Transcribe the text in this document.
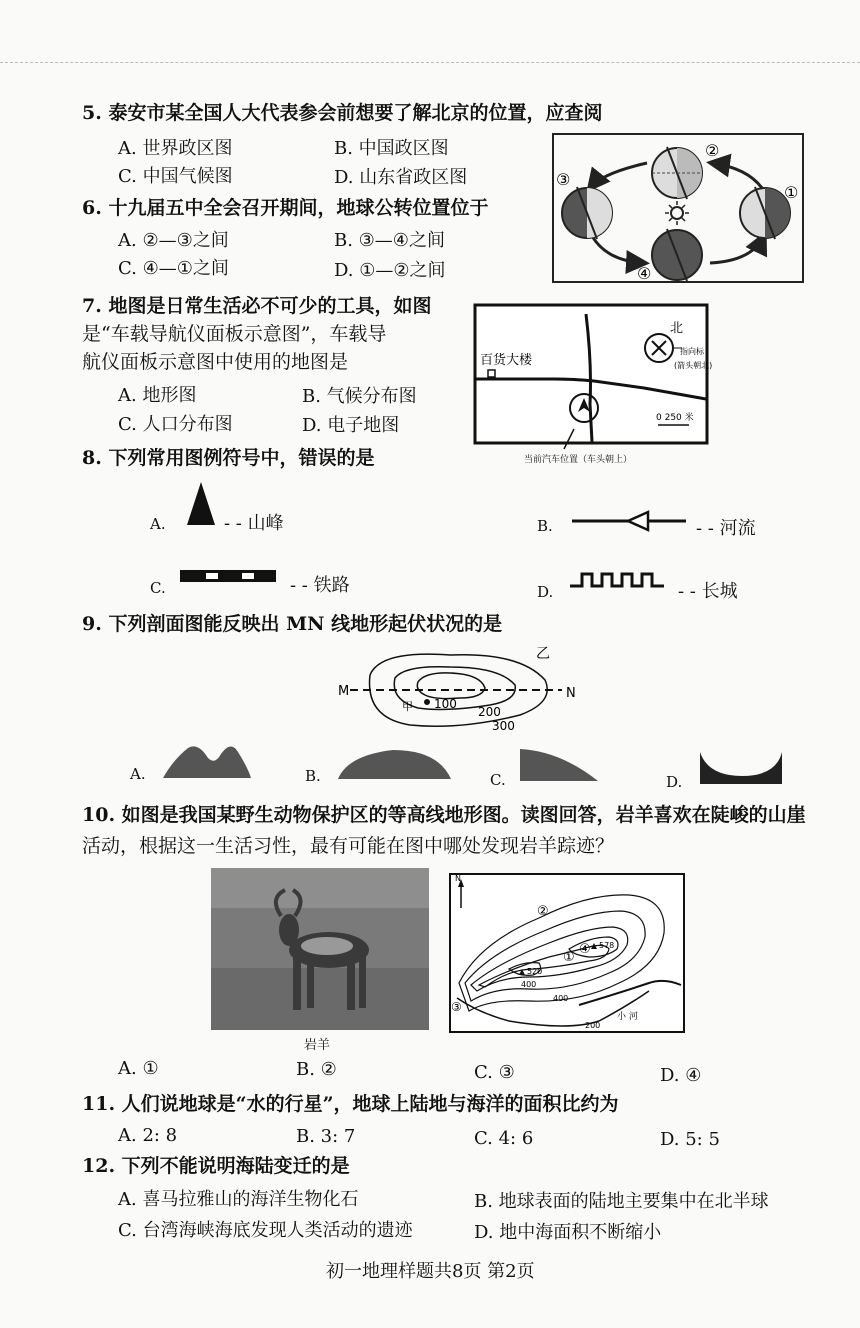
5. 泰安市某全国人大代表参会前想要了解北京的位置，应查阅
A. 世界政区图	B. 中国政区图
C. 中国气候图	D. 山东省政区图
6. 十九届五中全会召开期间，地球公转位置位于
A. ②—③之间	B. ③—④之间
C. ④—①之间	D. ①—②之间
②
③
①
④
7. 地图是日常生活必不可少的工具，如图
是“车载导航仪面板示意图”，车载导
航仪面板示意图中使用的地图是
A. 地形图	B. 气候分布图
C. 人口分布图	D. 电子地图
百货大楼
北
指向标
(箭头朝北)
0 250 米
当前汽车位置（车头朝上）
8. 下列常用图例符号中，错误的是
A.	- - 山峰	B.	- - 河流
C.	- - 铁路	D.	- - 长城
9. 下列剖面图能反映出 MN 线地形起伏状况的是
M	N
乙
甲 100
200
300
A.	B.	C.	D.
10. 如图是我国某野生动物保护区的等高线地形图。读图回答，岩羊喜欢在陡峻的山崖
活动，根据这一生活习性，最有可能在图中哪处发现岩羊踪迹？
岩羊
N
520
578
400
400
200
小 河
①
②
③
④
A. ①	B. ②	C. ③	D. ④
11. 人们说地球是“水的行星”，地球上陆地与海洋的面积比约为
A. 2: 8	B. 3: 7	C. 4: 6	D. 5: 5
12. 下列不能说明海陆变迁的是
A. 喜马拉雅山的海洋生物化石	B. 地球表面的陆地主要集中在北半球
C. 台湾海峡海底发现人类活动的遗迹	D. 地中海面积不断缩小
初一地理样题共8页 第2页
